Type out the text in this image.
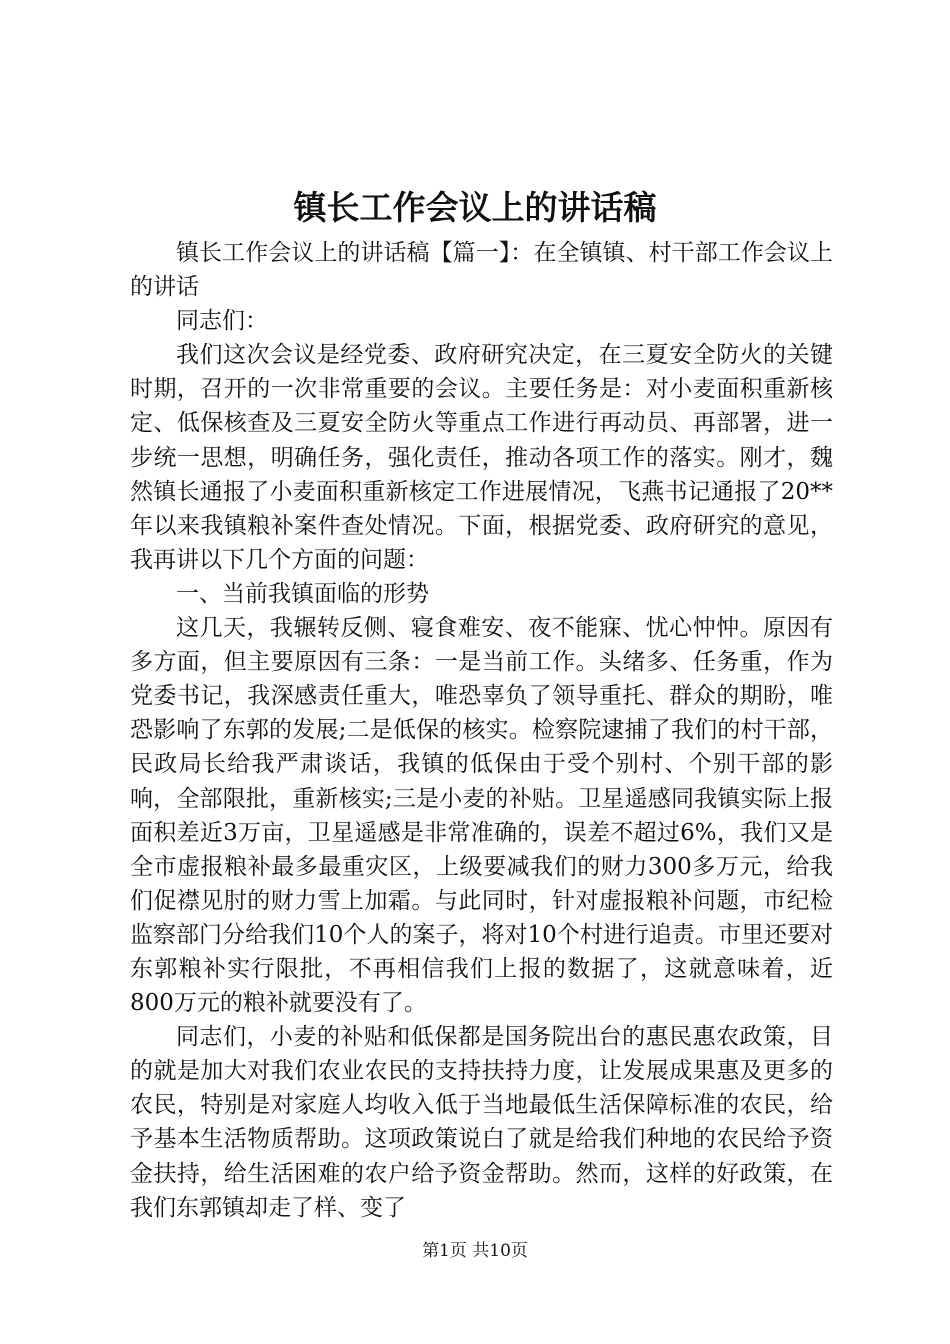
镇长工作会议上的讲话稿

镇长工作会议上的讲话稿【篇一】：在全镇镇、村干部工作会议上的讲话

同志们：

我们这次会议是经党委、政府研究决定，在三夏安全防火的关键时期，召开的一次非常重要的会议。主要任务是：对小麦面积重新核定、低保核查及三夏安全防火等重点工作进行再动员、再部署，进一步统一思想，明确任务，强化责任，推动各项工作的落实。刚才，魏然镇长通报了小麦面积重新核定工作进展情况，飞燕书记通报了20**年以来我镇粮补案件查处情况。下面，根据党委、政府研究的意见，我再讲以下几个方面的问题：

一、当前我镇面临的形势

这几天，我辗转反侧、寝食难安、夜不能寐、忧心忡忡。原因有多方面，但主要原因有三条：一是当前工作。头绪多、任务重，作为党委书记，我深感责任重大，唯恐辜负了领导重托、群众的期盼，唯恐影响了东郭的发展;二是低保的核实。检察院逮捕了我们的村干部，民政局长给我严肃谈话，我镇的低保由于受个别村、个别干部的影响，全部限批，重新核实;三是小麦的补贴。卫星遥感同我镇实际上报面积差近3万亩，卫星遥感是非常准确的，误差不超过6%，我们又是全市虚报粮补最多最重灾区，上级要减我们的财力300多万元，给我们促襟见肘的财力雪上加霜。与此同时，针对虚报粮补问题，市纪检监察部门分给我们10个人的案子，将对10个村进行追责。市里还要对东郭粮补实行限批，不再相信我们上报的数据了，这就意味着，近800万元的粮补就要没有了。

同志们，小麦的补贴和低保都是国务院出台的惠民惠农政策，目的就是加大对我们农业农民的支持扶持力度，让发展成果惠及更多的农民，特别是对家庭人均收入低于当地最低生活保障标准的农民，给予基本生活物质帮助。这项政策说白了就是给我们种地的农民给予资金扶持，给生活困难的农户给予资金帮助。然而，这样的好政策，在我们东郭镇却走了样、变了

第1页 共10页
